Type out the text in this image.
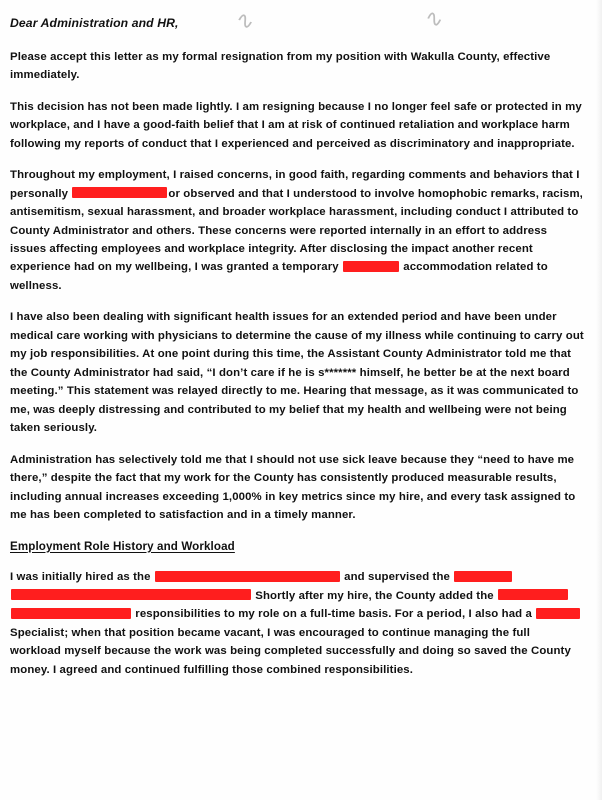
∿	∿

Dear Administration and HR,

Please accept this letter as my formal resignation from my position with Wakulla County, effective immediately.

This decision has not been made lightly. I am resigning because I no longer feel safe or protected in my workplace, and I have a good-faith belief that I am at risk of continued retaliation and workplace harm following my reports of conduct that I experienced and perceived as discriminatory and inappropriate.

Throughout my employment, I raised concerns, in good faith, regarding comments and behaviors that I personally	or observed and that I understood to involve homophobic remarks, racism, antisemitism, sexual harassment, and broader workplace harassment, including conduct I attributed to County Administrator and others. These concerns were reported internally in an effort to address issues affecting employees and workplace integrity. After disclosing the impact another recent experience had on my wellbeing, I was granted a temporary	accommodation related to wellness.

I have also been dealing with significant health issues for an extended period and have been under medical care working with physicians to determine the cause of my illness while continuing to carry out my job responsibilities. At one point during this time, the Assistant County Administrator told me that the County Administrator had said, “I don’t care if he is s******* himself, he better be at the next board meeting.” This statement was relayed directly to me. Hearing that message, as it was communicated to me, was deeply distressing and contributed to my belief that my health and wellbeing were not being taken seriously.

Administration has selectively told me that I should not use sick leave because they “need to have me there,” despite the fact that my work for the County has consistently produced measurable results, including annual increases exceeding 1,000% in key metrics since my hire, and every task assigned to me has been completed to satisfaction and in a timely manner.

Employment Role History and Workload

I was initially hired as the	and supervised the  Shortly after my hire, the County added the  responsibilities to my role on a full-time basis. For a period, I also had a  Specialist; when that position became vacant, I was encouraged to continue managing the full workload myself because the work was being completed successfully and doing so saved the County money. I agreed and continued fulfilling those combined responsibilities.
